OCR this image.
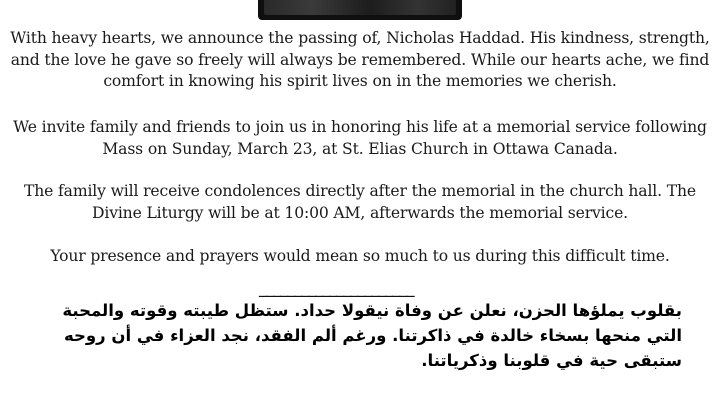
With heavy hearts, we announce the passing of, Nicholas Haddad. His kindness, strength, and the love he gave so freely will always be remembered. While our hearts ache, we find comfort in knowing his spirit lives on in the memories we cherish.
We invite family and friends to join us in honoring his life at a memorial service following Mass on Sunday, March 23, at St. Elias Church in Ottawa Canada.
The family will receive condolences directly after the memorial in the church hall. The Divine Liturgy will be at 10:00 AM, afterwards the memorial service.
Your presence and prayers would mean so much to us during this difficult time.
______________________
بقلوب يملؤها الحزن، نعلن عن وفاة نيقولا حداد. ستظل طيبته وقوته والمحبة التي منحها بسخاء خالدة في ذاكرتنا. ورغم ألم الفقد، نجد العزاء في أن روحه ستبقى حية في قلوبنا وذكرياتنا.
